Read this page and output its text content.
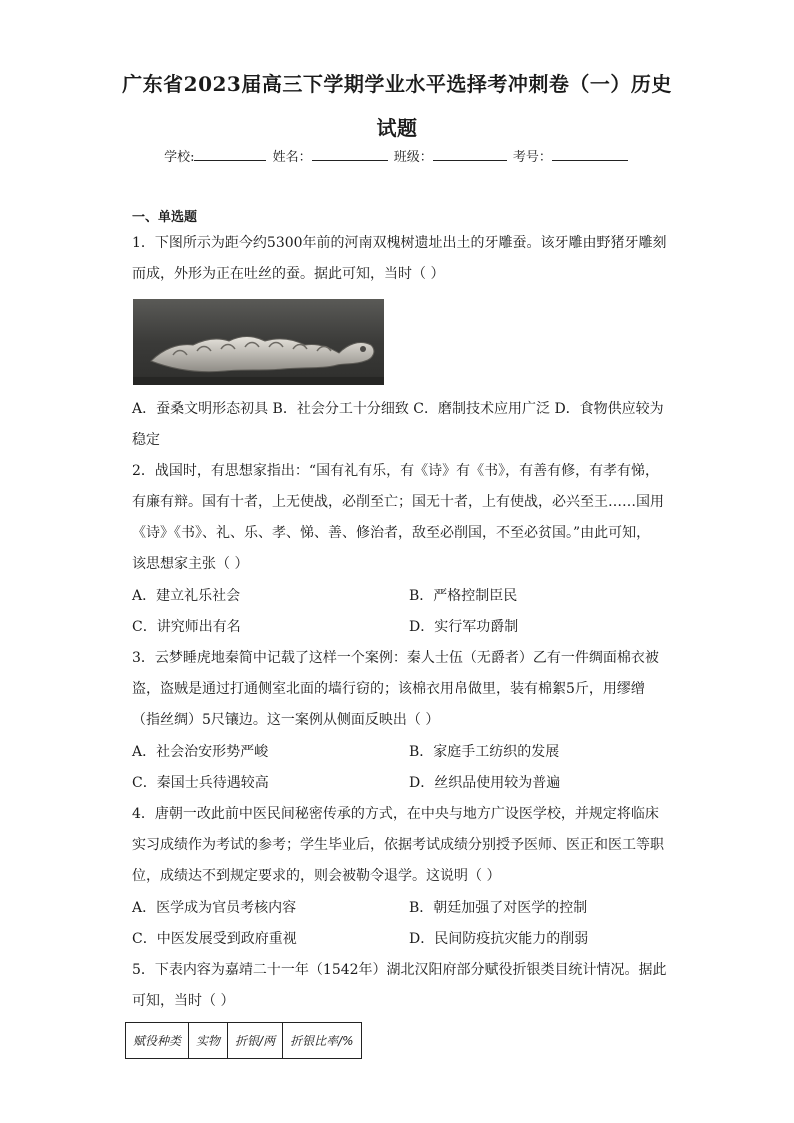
广东省2023届高三下学期学业水平选择考冲刺卷（一）历史
试题
学校:	姓名：	班级：	考号：
一、单选题
1．下图所示为距今约5300年前的河南双槐树遗址出土的牙雕蚕。该牙雕由野猪牙雕刻
而成，外形为正在吐丝的蚕。据此可知，当时（ ）
A．蚕桑文明形态初具 B．社会分工十分细致 C．磨制技术应用广泛 D．食物供应较为
稳定
2．战国时，有思想家指出：“国有礼有乐，有《诗》有《书》，有善有修，有孝有悌，
有廉有辩。国有十者，上无使战，必削至亡；国无十者，上有使战，必兴至王……国用
《诗》《书》、礼、乐、孝、悌、善、修治者，敌至必削国，不至必贫国。”由此可知，
该思想家主张（ ）
A．建立礼乐社会	B．严格控制臣民
C．讲究师出有名	D．实行军功爵制
3．云梦睡虎地秦简中记载了这样一个案例：秦人士伍（无爵者）乙有一件绸面棉衣被
盗，盗贼是通过打通侧室北面的墙行窃的；该棉衣用帛做里，装有棉絮5斤，用缪缯
（指丝绸）5尺镶边。这一案例从侧面反映出（ ）
A．社会治安形势严峻	B．家庭手工纺织的发展
C．秦国士兵待遇较高	D．丝织品使用较为普遍
4．唐朝一改此前中医民间秘密传承的方式，在中央与地方广设医学校，并规定将临床
实习成绩作为考试的参考；学生毕业后，依据考试成绩分别授予医师、医正和医工等职
位，成绩达不到规定要求的，则会被勒令退学。这说明（ ）
A．医学成为官员考核内容	B．朝廷加强了对医学的控制
C．中医发展受到政府重视	D．民间防疫抗灾能力的削弱
5．下表内容为嘉靖二十一年（1542年）湖北汉阳府部分赋役折银类目统计情况。据此
可知，当时（ ）
赋役种类	实物	折银/两	折银比率/%
